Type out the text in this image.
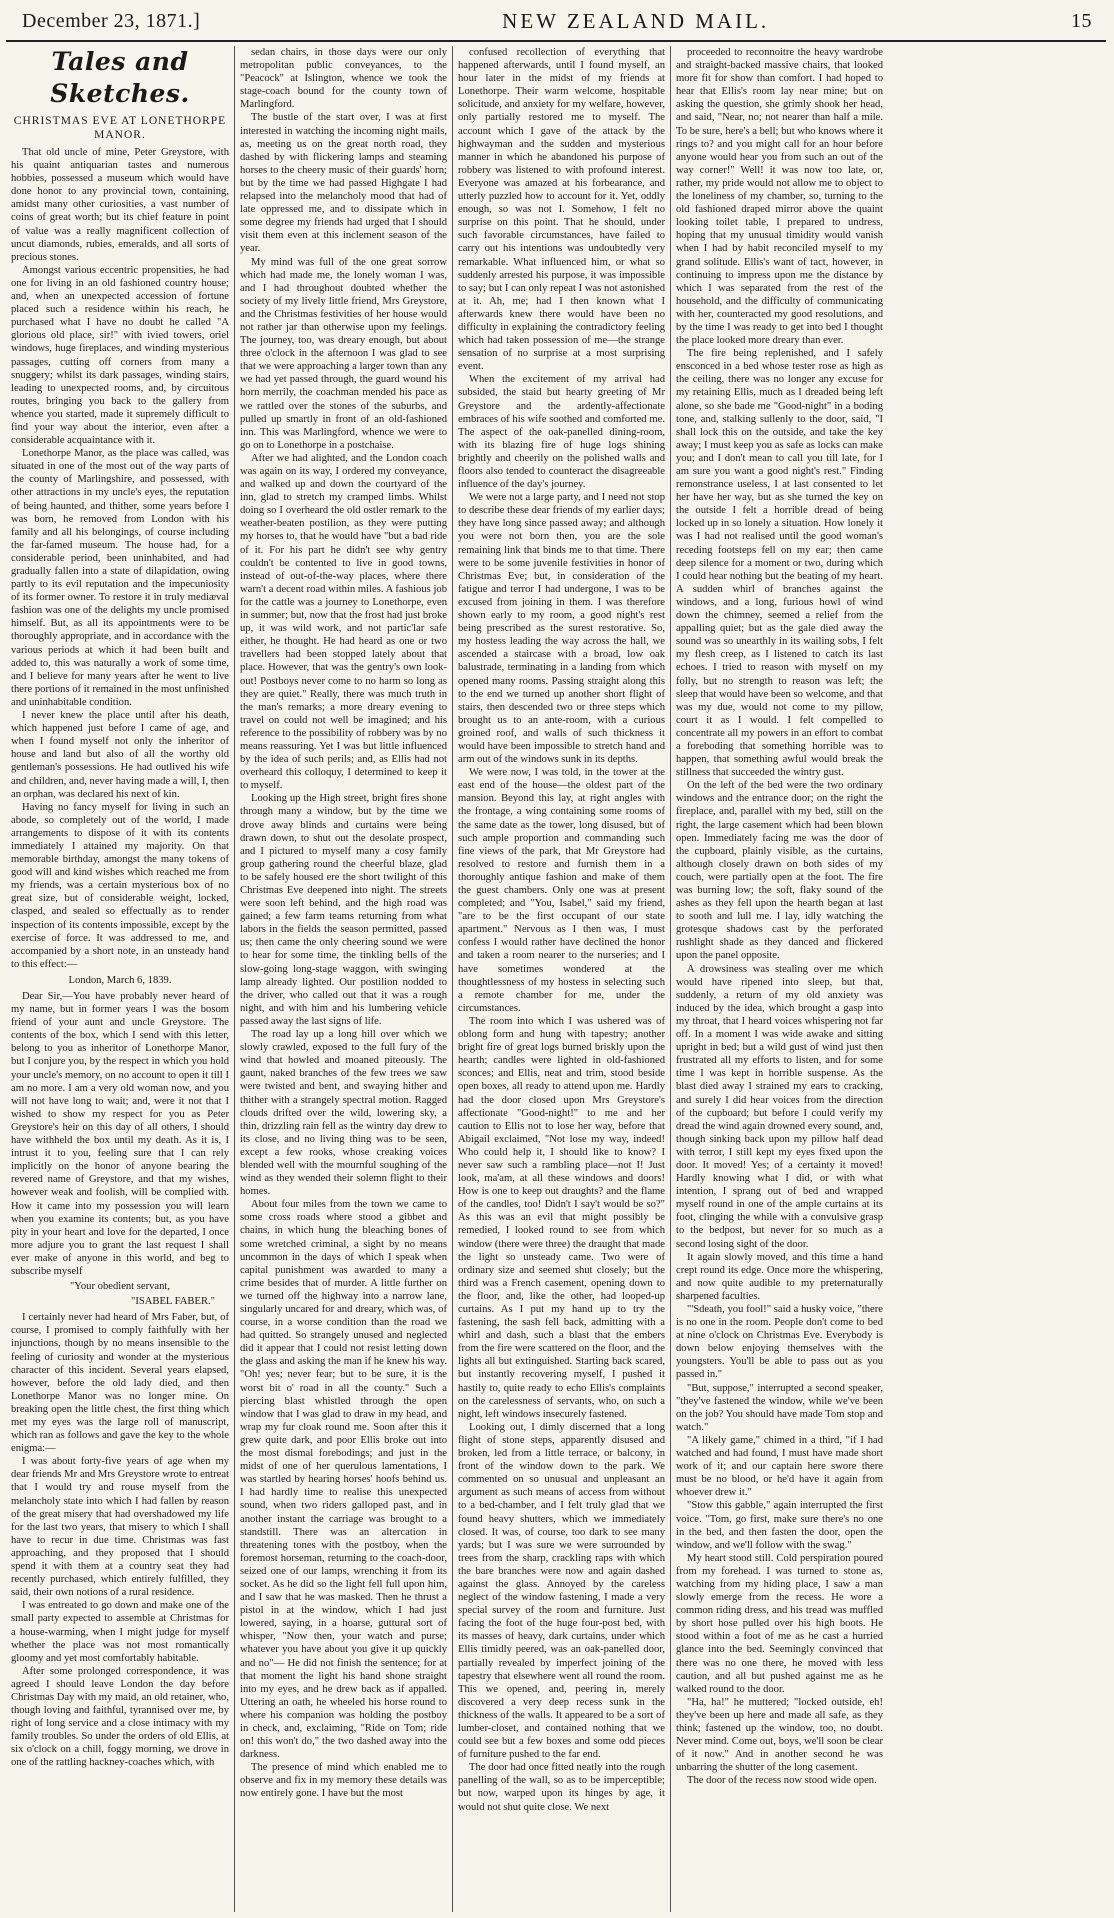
December 23, 1871.]	NEW ZEALAND MAIL.	15
Tales and Sketches.
CHRISTMAS EVE AT LONETHORPE MANOR.

That old uncle of mine, Peter Greystore, with his quaint antiquarian tastes and numerous hobbies, possessed a museum which would have done honor to any provincial town, containing, amidst many other curiosities, a vast number of coins of great worth; but its chief feature in point of value was a really magnificent collection of uncut diamonds, rubies, emeralds, and all sorts of precious stones.

Amongst various eccentric propensities, he had one for living in an old fashioned country house; and, when an unexpected accession of fortune placed such a residence within his reach, he purchased what I have no doubt he called "A glorious old place, sir!" with ivied towers, oriel windows, huge fireplaces, and winding mysterious passages, cutting off corners from many a snuggery; whilst its dark passages, winding stairs, leading to unexpected rooms, and, by circuitous routes, bringing you back to the gallery from whence you started, made it supremely difficult to find your way about the interior, even after a considerable acquaintance with it.

Lonethorpe Manor, as the place was called, was situated in one of the most out of the way parts of the county of Marlingshire, and possessed, with other attractions in my uncle's eyes, the reputation of being haunted, and thither, some years before I was born, he removed from London with his family and all his belongings, of course including the far-famed museum. The house had, for a considerable period, been uninhabited, and had gradually fallen into a state of dilapidation, owing partly to its evil reputation and the impecuniosity of its former owner. To restore it in truly mediæval fashion was one of the delights my uncle promised himself. But, as all its appointments were to be thoroughly appropriate, and in accordance with the various periods at which it had been built and added to, this was naturally a work of some time, and I believe for many years after he went to live there portions of it remained in the most unfinished and uninhabitable condition.

I never knew the place until after his death, which happened just before I came of age, and when I found myself not only the inheritor of house and land but also of all the worthy old gentleman's possessions. He had outlived his wife and children, and, never having made a will, I, then an orphan, was declared his next of kin.

Having no fancy myself for living in such an abode, so completely out of the world, I made arrangements to dispose of it with its contents immediately I attained my majority. On that memorable birthday, amongst the many tokens of good will and kind wishes which reached me from my friends, was a certain mysterious box of no great size, but of considerable weight, locked, clasped, and sealed so effectually as to render inspection of its contents impossible, except by the exercise of force. It was addressed to me, and accompanied by a short note, in an unsteady hand to this effect:—

London, March 6, 1839.

Dear Sir,—You have probably never heard of my name, but in former years I was the bosom friend of your aunt and uncle Greystore. The contents of the box, which I send with this letter, belong to you as inheritor of Lonethorpe Manor, but I conjure you, by the respect in which you hold your uncle's memory, on no account to open it till I am no more. I am a very old woman now, and you will not have long to wait; and, were it not that I wished to show my respect for you as Peter Greystore's heir on this day of all others, I should have withheld the box until my death. As it is, I intrust it to you, feeling sure that I can rely implicitly on the honor of anyone bearing the revered name of Greystore, and that my wishes, however weak and foolish, will be complied with. How it came into my possession you will learn when you examine its contents; but, as you have pity in your heart and love for the departed, I once more adjure you to grant the last request I shall ever make of anyone in this world, and beg to subscribe myself

"Your obedient servant,
"ISABEL FABER."

I certainly never had heard of Mrs Faber, but, of course, I promised to comply faithfully with her injunctions, though by no means insensible to the feeling of curiosity and wonder at the mysterious character of this incident. Several years elapsed, however, before the old lady died, and then Lonethorpe Manor was no longer mine. On breaking open the little chest, the first thing which met my eyes was the large roll of manuscript, which ran as follows and gave the key to the whole enigma:—

I was about forty-five years of age when my dear friends Mr and Mrs Greystore wrote to entreat that I would try and rouse myself from the melancholy state into which I had fallen by reason of the great misery that had overshadowed my life for the last two years, that misery to which I shall have to recur in due time. Christmas was fast approaching, and they proposed that I should spend it with them at a country seat they had recently purchased, which entirely fulfilled, they said, their own notions of a rural residence.

I was entreated to go down and make one of the small party expected to assemble at Christmas for a house-warming, when I might judge for myself whether the place was not most romantically gloomy and yet most comfortably habitable.

After some prolonged correspondence, it was agreed I should leave London the day before Christmas Day with my maid, an old retainer, who, though loving and faithful, tyrannised over me, by right of long service and a close intimacy with my family troubles. So under the orders of old Ellis, at six o'clock on a chill, foggy morning, we drove in one of the rattling hackney-coaches which, with

sedan chairs, in those days were our only metropolitan public conveyances, to the "Peacock" at Islington, whence we took the stage-coach bound for the county town of Marlingford.

The bustle of the start over, I was at first interested in watching the incoming night mails, as, meeting us on the great north road, they dashed by with flickering lamps and steaming horses to the cheery music of their guards' horn; but by the time we had passed Highgate I had relapsed into the melancholy mood that had of late oppressed me, and to dissipate which in some degree my friends had urged that I should visit them even at this inclement season of the year.

My mind was full of the one great sorrow which had made me, the lonely woman I was, and I had throughout doubted whether the society of my lively little friend, Mrs Greystore, and the Christmas festivities of her house would not rather jar than otherwise upon my feelings. The journey, too, was dreary enough, but about three o'clock in the afternoon I was glad to see that we were approaching a larger town than any we had yet passed through, the guard wound his horn merrily, the coachman mended his pace as we rattled over the stones of the suburbs, and pulled up smartly in front of an old-fashioned inn. This was Marlingford, whence we were to go on to Lonethorpe in a postchaise.

After we had alighted, and the London coach was again on its way, I ordered my conveyance, and walked up and down the courtyard of the inn, glad to stretch my cramped limbs. Whilst doing so I overheard the old ostler remark to the weather-beaten postilion, as they were putting my horses to, that he would have "but a bad ride of it. For his part he didn't see why gentry couldn't be contented to live in good towns, instead of out-of-the-way places, where there warn't a decent road within miles. A fashious job for the cattle was a journey to Lonethorpe, even in summer; but, now that the frost had just broke up, it was wild work, and not partic'lar safe either, he thought. He had heard as one or two travellers had been stopped lately about that place. However, that was the gentry's own look-out! Postboys never come to no harm so long as they are quiet." Really, there was much truth in the man's remarks; a more dreary evening to travel on could not well be imagined; and his reference to the possibility of robbery was by no means reassuring. Yet I was but little influenced by the idea of such perils; and, as Ellis had not overheard this colloquy, I determined to keep it to myself.

Looking up the High street, bright fires shone through many a window, but by the time we drove away blinds and curtains were being drawn down, to shut out the desolate prospect, and I pictured to myself many a cosy family group gathering round the cheerful blaze, glad to be safely housed ere the short twilight of this Christmas Eve deepened into night. The streets were soon left behind, and the high road was gained; a few farm teams returning from what labors in the fields the season permitted, passed us; then came the only cheering sound we were to hear for some time, the tinkling bells of the slow-going long-stage waggon, with swinging lamp already lighted. Our postilion nodded to the driver, who called out that it was a rough night, and with him and his lumbering vehicle passed away the last signs of life.

The road lay up a long hill over which we slowly crawled, exposed to the full fury of the wind that howled and moaned piteously. The gaunt, naked branches of the few trees we saw were twisted and bent, and swaying hither and thither with a strangely spectral motion. Ragged clouds drifted over the wild, lowering sky, a thin, drizzling rain fell as the wintry day drew to its close, and no living thing was to be seen, except a few rooks, whose creaking voices blended well with the mournful soughing of the wind as they wended their solemn flight to their homes.

About four miles from the town we came to some cross roads where stood a gibbet and chains, in which hung the bleaching bones of some wretched criminal, a sight by no means uncommon in the days of which I speak when capital punishment was awarded to many a crime besides that of murder. A little further on we turned off the highway into a narrow lane, singularly uncared for and dreary, which was, of course, in a worse condition than the road we had quitted. So strangely unused and neglected did it appear that I could not resist letting down the glass and asking the man if he knew his way. "Oh! yes; never fear; but to be sure, it is the worst bit o' road in all the county." Such a piercing blast whistled through the open window that I was glad to draw in my head, and wrap my fur cloak round me. Soon after this it grew quite dark, and poor Ellis broke out into the most dismal forebodings; and just in the midst of one of her querulous lamentations, I was startled by hearing horses' hoofs behind us. I had hardly time to realise this unexpected sound, when two riders galloped past, and in another instant the carriage was brought to a standstill. There was an altercation in threatening tones with the postboy, when the foremost horseman, returning to the coach-door, seized one of our lamps, wrenching it from its socket. As he did so the light fell full upon him, and I saw that he was masked. Then he thrust a pistol in at the window, which I had just lowered, saying, in a hoarse, guttural sort of whisper, "Now then, your watch and purse; whatever you have about you give it up quickly and no"— He did not finish the sentence; for at that moment the light his hand shone straight into my eyes, and he drew back as if appalled. Uttering an oath, he wheeled his horse round to where his companion was holding the postboy in check, and, exclaiming, "Ride on Tom; ride on! this won't do," the two dashed away into the darkness.

The presence of mind which enabled me to observe and fix in my memory these details was now entirely gone. I have but the most

confused recollection of everything that happened afterwards, until I found myself, an hour later in the midst of my friends at Lonethorpe. Their warm welcome, hospitable solicitude, and anxiety for my welfare, however, only partially restored me to myself. The account which I gave of the attack by the highwayman and the sudden and mysterious manner in which he abandoned his purpose of robbery was listened to with profound interest. Everyone was amazed at his forbearance, and utterly puzzled how to account for it. Yet, oddly enough, so was not I. Somehow, I felt no surprise on this point. That he should, under such favorable circumstances, have failed to carry out his intentions was undoubtedly very remarkable. What influenced him, or what so suddenly arrested his purpose, it was impossible to say; but I can only repeat I was not astonished at it. Ah, me; had I then known what I afterwards knew there would have been no difficulty in explaining the contradictory feeling which had taken possession of me—the strange sensation of no surprise at a most surprising event.

When the excitement of my arrival had subsided, the staid but hearty greeting of Mr Greystore and the ardently-affectionate embraces of his wife soothed and comforted me. The aspect of the oak-panelled dining-room, with its blazing fire of huge logs shining brightly and cheerily on the polished walls and floors also tended to counteract the disagreeable influence of the day's journey.

We were not a large party, and I need not stop to describe these dear friends of my earlier days; they have long since passed away; and although you were not born then, you are the sole remaining link that binds me to that time. There were to be some juvenile festivities in honor of Christmas Eve; but, in consideration of the fatigue and terror I had undergone, I was to be excused from joining in them. I was therefore shown early to my room, a good night's rest being prescribed as the surest restorative. So, my hostess leading the way across the hall, we ascended a staircase with a broad, low oak balustrade, terminating in a landing from which opened many rooms. Passing straight along this to the end we turned up another short flight of stairs, then descended two or three steps which brought us to an ante-room, with a curious groined roof, and walls of such thickness it would have been impossible to stretch hand and arm out of the windows sunk in its depths.

We were now, I was told, in the tower at the east end of the house—the oldest part of the mansion. Beyond this lay, at right angles with the frontage, a wing containing some rooms of the same date as the tower, long disused, but of such ample proportion and commanding such fine views of the park, that Mr Greystore had resolved to restore and furnish them in a thoroughly antique fashion and make of them the guest chambers. Only one was at present completed; and "You, Isabel," said my friend, "are to be the first occupant of our state apartment." Nervous as I then was, I must confess I would rather have declined the honor and taken a room nearer to the nurseries; and I have sometimes wondered at the thoughtlessness of my hostess in selecting such a remote chamber for me, under the circumstances.

The room into which I was ushered was of oblong form and hung with tapestry; another bright fire of great logs burned briskly upon the hearth; candles were lighted in old-fashioned sconces; and Ellis, neat and trim, stood beside open boxes, all ready to attend upon me. Hardly had the door closed upon Mrs Greystore's affectionate "Good-night!" to me and her caution to Ellis not to lose her way, before that Abigail exclaimed, "Not lose my way, indeed! Who could help it, I should like to know? I never saw such a rambling place—not I! Just look, ma'am, at all these windows and doors! How is one to keep out draughts? and the flame of the candles, too! Didn't I say't would be so?" As this was an evil that might possibly be remedied, I looked round to see from which window (there were three) the draught that made the light so unsteady came. Two were of ordinary size and seemed shut closely; but the third was a French casement, opening down to the floor, and, like the other, had looped-up curtains. As I put my hand up to try the fastening, the sash fell back, admitting with a whirl and dash, such a blast that the embers from the fire were scattered on the floor, and the lights all but extinguished. Starting back scared, but instantly recovering myself, I pushed it hastily to, quite ready to echo Ellis's complaints on the carelessness of servants, who, on such a night, left windows insecurely fastened.

Looking out, I dimly discerned that a long flight of stone steps, apparently disused and broken, led from a little terrace, or balcony, in front of the window down to the park. We commented on so unusual and unpleasant an argument as such means of access from without to a bed-chamber, and I felt truly glad that we found heavy shutters, which we immediately closed. It was, of course, too dark to see many yards; but I was sure we were surrounded by trees from the sharp, crackling raps with which the bare branches were now and again dashed against the glass. Annoyed by the careless neglect of the window fastening, I made a very special survey of the room and furniture. Just facing the foot of the huge four-post bed, with its masses of heavy, dark curtains, under which Ellis timidly peered, was an oak-panelled door, partially revealed by imperfect joining of the tapestry that elsewhere went all round the room. This we opened, and, peering in, merely discovered a very deep recess sunk in the thickness of the walls. It appeared to be a sort of lumber-closet, and contained nothing that we could see but a few boxes and some odd pieces of furniture pushed to the far end.

The door had once fitted neatly into the rough panelling of the wall, so as to be imperceptible; but now, warped upon its hinges by age, it would not shut quite close. We next

proceeded to reconnoitre the heavy wardrobe and straight-backed massive chairs, that looked more fit for show than comfort. I had hoped to hear that Ellis's room lay near mine; but on asking the question, she grimly shook her head, and said, "Near, no; not nearer than half a mile. To be sure, here's a bell; but who knows where it rings to? and you might call for an hour before anyone would hear you from such an out of the way corner!" Well! it was now too late, or, rather, my pride would not allow me to object to the loneliness of my chamber, so, turning to the old fashioned draped mirror above the quaint looking toilet table, I prepared to undress, hoping that my unusual timidity would vanish when I had by habit reconciled myself to my grand solitude. Ellis's want of tact, however, in continuing to impress upon me the distance by which I was separated from the rest of the household, and the difficulty of communicating with her, counteracted my good resolutions, and by the time I was ready to get into bed I thought the place looked more dreary than ever.

The fire being replenished, and I safely ensconced in a bed whose tester rose as high as the ceiling, there was no longer any excuse for my retaining Ellis, much as I dreaded being left alone, so she bade me "Good-night" in a boding tone, and, stalking sullenly to the door, said, "I shall lock this on the outside, and take the key away; I must keep you as safe as locks can make you; and I don't mean to call you till late, for I am sure you want a good night's rest." Finding remonstrance useless, I at last consented to let her have her way, but as she turned the key on the outside I felt a horrible dread of being locked up in so lonely a situation. How lonely it was I had not realised until the good woman's receding footsteps fell on my ear; then came deep silence for a moment or two, during which I could hear nothing but the beating of my heart. A sudden whirl of branches against the windows, and a long, furious howl of wind down the chimney, seemed a relief from the appalling quiet; but as the gale died away the sound was so unearthly in its wailing sobs, I felt my flesh creep, as I listened to catch its last echoes. I tried to reason with myself on my folly, but no strength to reason was left; the sleep that would have been so welcome, and that was my due, would not come to my pillow, court it as I would. I felt compelled to concentrate all my powers in an effort to combat a foreboding that something horrible was to happen, that something awful would break the stillness that succeeded the wintry gust.

On the left of the bed were the two ordinary windows and the entrance door; on the right the fireplace, and, parallel with my bed, still on the right, the large casement which had been blown open. Immediately facing me was the door of the cupboard, plainly visible, as the curtains, although closely drawn on both sides of my couch, were partially open at the foot. The fire was burning low; the soft, flaky sound of the ashes as they fell upon the hearth began at last to sooth and lull me. I lay, idly watching the grotesque shadows cast by the perforated rushlight shade as they danced and flickered upon the panel opposite.

A drowsiness was stealing over me which would have ripened into sleep, but that, suddenly, a return of my old anxiety was induced by the idea, which brought a gasp into my throat, that I heard voices whispering not far off. In a moment I was wide awake and sitting upright in bed; but a wild gust of wind just then frustrated all my efforts to listen, and for some time I was kept in horrible suspense. As the blast died away I strained my ears to cracking, and surely I did hear voices from the direction of the cupboard; but before I could verify my dread the wind again drowned every sound, and, though sinking back upon my pillow half dead with terror, I still kept my eyes fixed upon the door. It moved! Yes; of a certainty it moved! Hardly knowing what I did, or with what intention, I sprang out of bed and wrapped myself round in one of the ample curtains at its foot, clinging the while with a convulsive grasp to the bedpost, but never for so much as a second losing sight of the door.

It again slowly moved, and this time a hand crept round its edge. Once more the whispering, and now quite audible to my preternaturally sharpened faculties.

"'Sdeath, you fool!" said a husky voice, "there is no one in the room. People don't come to bed at nine o'clock on Christmas Eve. Everybody is down below enjoying themselves with the youngsters. You'll be able to pass out as you passed in."

"But, suppose," interrupted a second speaker, "they've fastened the window, while we've been on the job? You should have made Tom stop and watch."

"A likely game," chimed in a third, "if I had watched and had found, I must have made short work of it; and our captain here swore there must be no blood, or he'd have it again from whoever drew it."

"Stow this gabble," again interrupted the first voice. "Tom, go first, make sure there's no one in the bed, and then fasten the door, open the window, and we'll follow with the swag."

My heart stood still. Cold perspiration poured from my forehead. I was turned to stone as, watching from my hiding place, I saw a man slowly emerge from the recess. He wore a common riding dress, and his tread was muffled by short hose pulled over his high boots. He stood within a foot of me as he cast a hurried glance into the bed. Seemingly convinced that there was no one there, he moved with less caution, and all but pushed against me as he walked round to the door.

"Ha, ha!" he muttered; "locked outside, eh! they've been up here and made all safe, as they think; fastened up the window, too, no doubt. Never mind. Come out, boys, we'll soon be clear of it now." And in another second he was unbarring the shutter of the long casement.

The door of the recess now stood wide open.
